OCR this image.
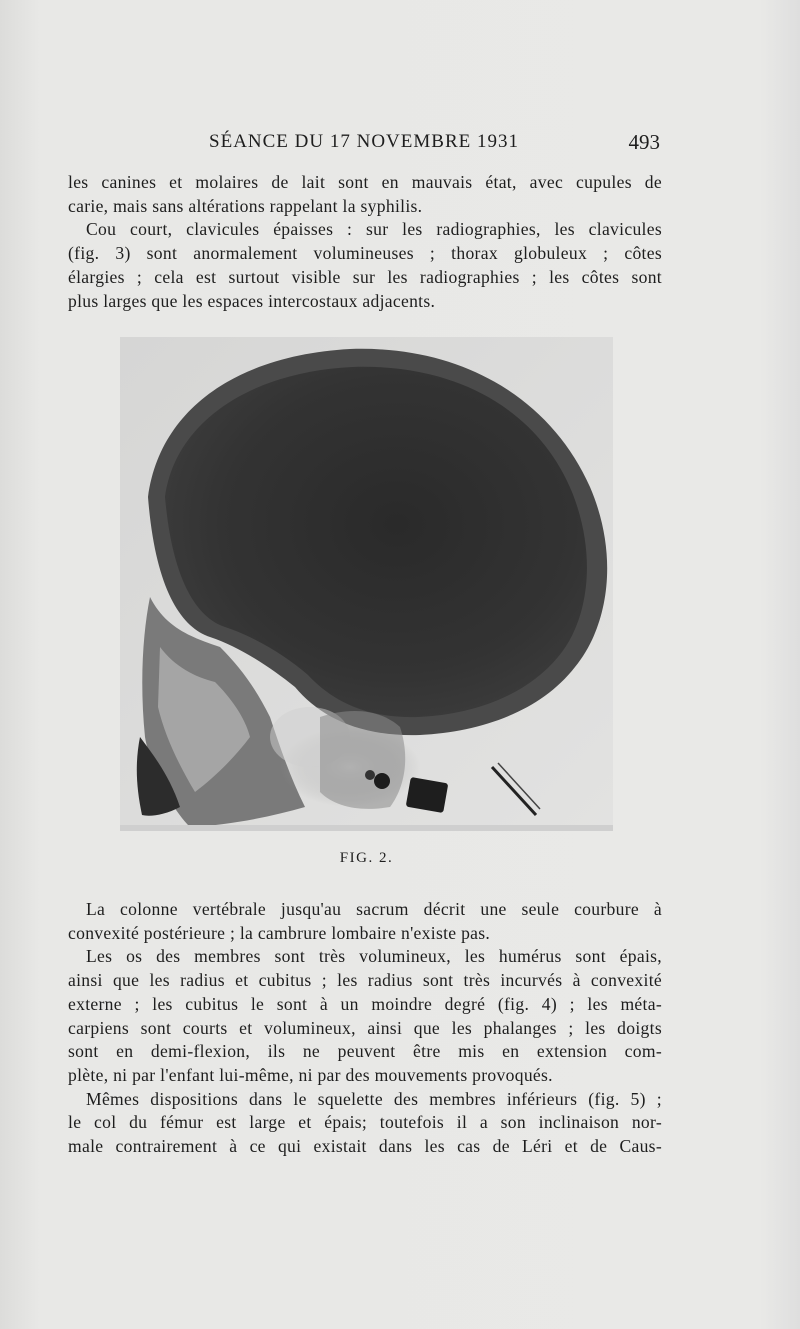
SÉANCE DU 17 NOVEMBRE 1931	493
les canines et molaires de lait sont en mauvais état, avec cupules de
carie, mais sans altérations rappelant la syphilis.
Cou court, clavicules épaisses : sur les radiographies, les clavicules
(fig. 3) sont anormalement volumineuses ; thorax globuleux ; côtes
élargies ; cela est surtout visible sur les radiographies ; les côtes sont
plus larges que les espaces intercostaux adjacents.
FIG. 2.
La colonne vertébrale jusqu'au sacrum décrit une seule courbure à
convexité postérieure ; la cambrure lombaire n'existe pas.
Les os des membres sont très volumineux, les humérus sont épais,
ainsi que les radius et cubitus ; les radius sont très incurvés à convexité
externe ; les cubitus le sont à un moindre degré (fig. 4) ; les méta-
carpiens sont courts et volumineux, ainsi que les phalanges ; les doigts
sont en demi-flexion, ils ne peuvent être mis en extension com-
plète, ni par l'enfant lui-même, ni par des mouvements provoqués.
Mêmes dispositions dans le squelette des membres inférieurs (fig. 5) ;
le col du fémur est large et épais; toutefois il a son inclinaison nor-
male contrairement à ce qui existait dans les cas de Léri et de Caus-
